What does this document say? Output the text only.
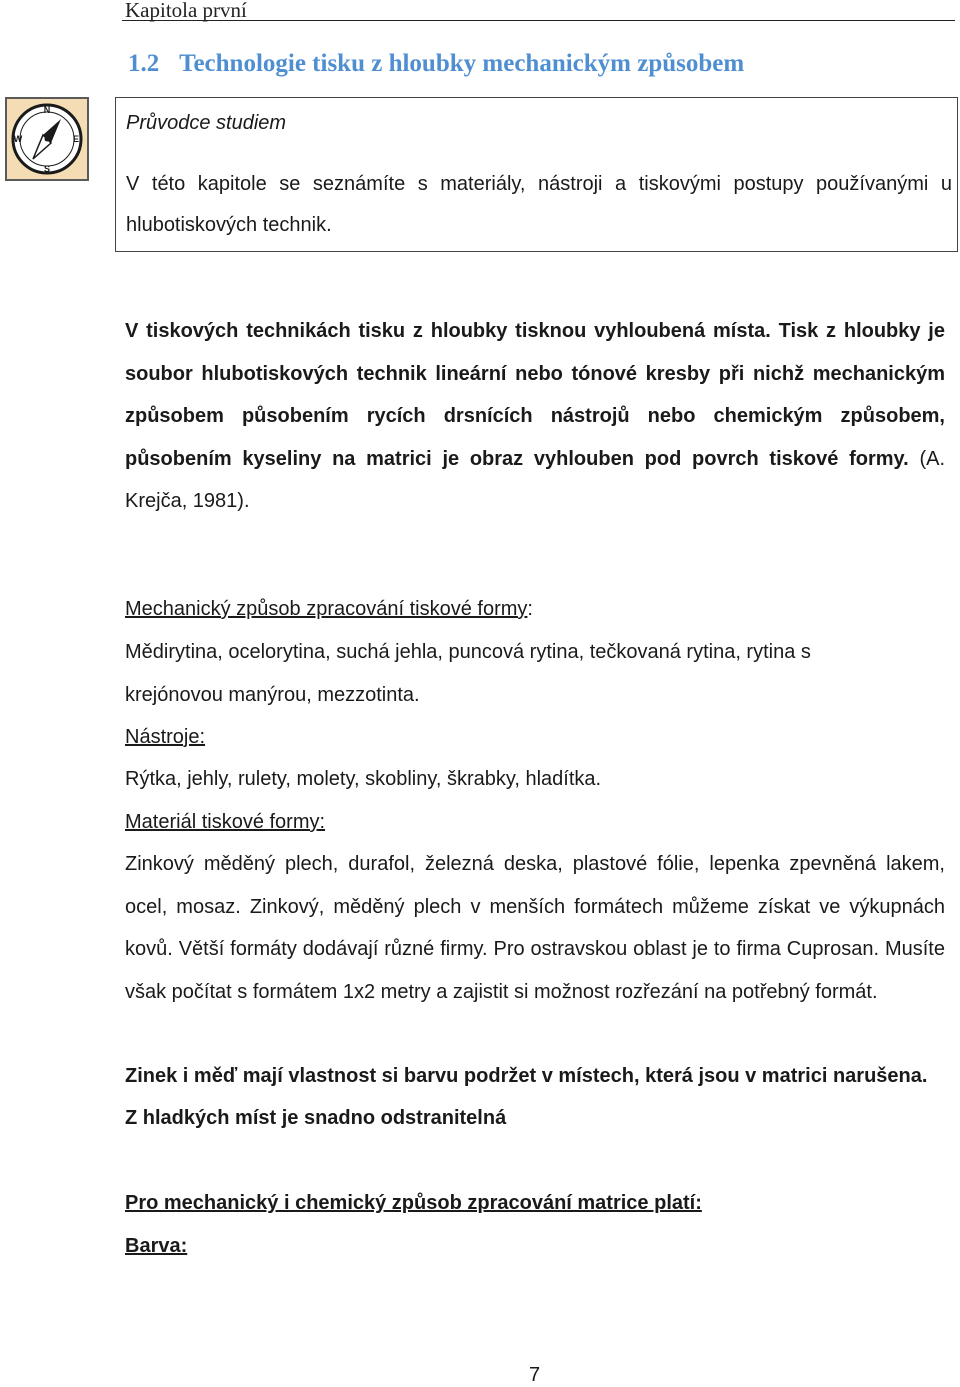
Kapitola první
1.2 Technologie tisku z hloubky mechanickým způsobem
N
S
W	E
Průvodce studiem
V této kapitole se seznámíte s materiály, nástroji a tiskovými postupy používanými u hlubotiskových technik.

V tiskových technikách tisku z hloubky tisknou vyhloubená místa. Tisk z hloubky je soubor hlubotiskových technik lineární nebo tónové kresby při nichž mechanickým způsobem působením rycích drsnících nástrojů nebo chemickým způsobem, působením kyseliny na matrici je obraz vyhlouben pod povrch tiskové formy. (A. Krejča, 1981).

Mechanický způsob zpracování tiskové formy:

Mědirytina, ocelorytina, suchá jehla, puncová rytina, tečkovaná rytina, rytina s krejónovou manýrou, mezzotinta.

Nástroje:

Rýtka, jehly, rulety, molety, skobliny, škrabky, hladítka.

Materiál tiskové formy:

Zinkový měděný plech, durafol, železná deska, plastové fólie, lepenka zpevněná lakem, ocel, mosaz. Zinkový, měděný plech v menších formátech můžeme získat ve výkupnách kovů. Větší formáty dodávají různé firmy. Pro ostravskou oblast je to firma Cuprosan. Musíte však počítat s formátem 1x2 metry a zajistit si možnost rozřezání na potřebný formát.

Zinek i měď mají vlastnost si barvu podržet v místech, která jsou v matrici narušena.

Z hladkých míst je snadno odstranitelná

Pro mechanický i chemický způsob zpracování matrice platí:

Barva:

7
